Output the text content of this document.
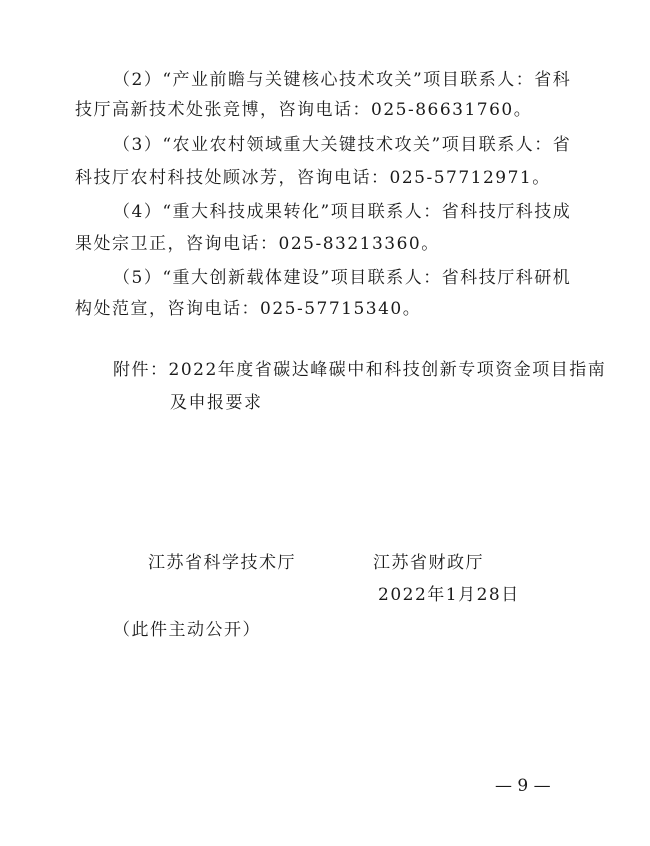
（2）“产业前瞻与关键核心技术攻关”项目联系人：省科
技厅高新技术处张竞博，咨询电话：025-86631760。
（3）“农业农村领域重大关键技术攻关”项目联系人：省
科技厅农村科技处顾冰芳，咨询电话：025-57712971。
（4）“重大科技成果转化”项目联系人：省科技厅科技成
果处宗卫正，咨询电话：025-83213360。
（5）“重大创新载体建设”项目联系人：省科技厅科研机
构处范宣，咨询电话：025-57715340。
附件：2022年度省碳达峰碳中和科技创新专项资金项目指南
及申报要求
江苏省科学技术厅	江苏省财政厅
2022年1月28日
（此件主动公开）
— 9 —
